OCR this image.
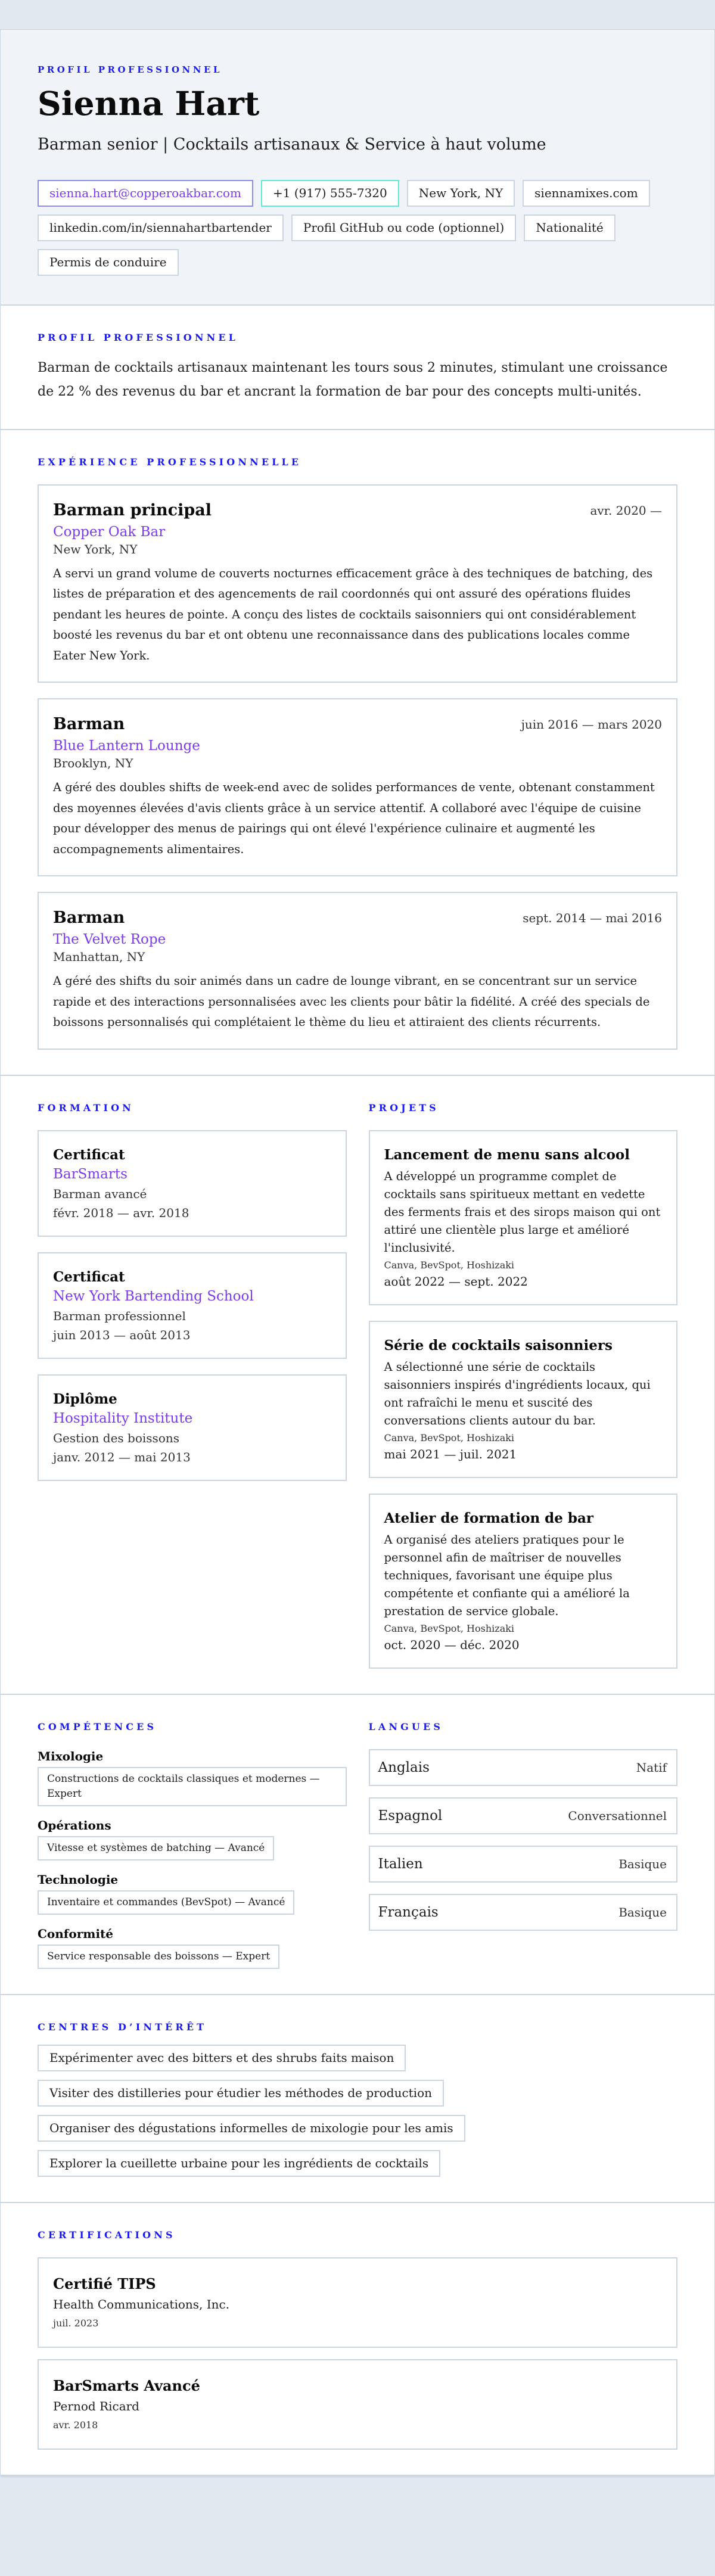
PROFIL PROFESSIONNEL
Sienna Hart
Barman senior | Cocktails artisanaux & Service à haut volume
sienna.hart@copperoakbar.com	+1 (917) 555-7320	New York, NY	siennamixes.com
linkedin.com/in/siennahartbartender	Profil GitHub ou code (optionnel)	Nationalité
Permis de conduire
PROFIL PROFESSIONNEL

Barman de cocktails artisanaux maintenant les tours sous 2 minutes, stimulant une croissance de 22 % des revenus du bar et ancrant la formation de bar pour des concepts multi-unités.

EXPÉRIENCE PROFESSIONNELLE
Barman principal	avr. 2020 —
Copper Oak Bar
New York, NY

A servi un grand volume de couverts nocturnes efficacement grâce à des techniques de batching, des listes de préparation et des agencements de rail coordonnés qui ont assuré des opérations fluides pendant les heures de pointe. A conçu des listes de cocktails saisonniers qui ont considérablement boosté les revenus du bar et ont obtenu une reconnaissance dans des publications locales comme Eater New York.

Barman	juin 2016 — mars 2020
Blue Lantern Lounge
Brooklyn, NY

A géré des doubles shifts de week-end avec de solides performances de vente, obtenant constamment des moyennes élevées d'avis clients grâce à un service attentif. A collaboré avec l'équipe de cuisine pour développer des menus de pairings qui ont élevé l'expérience culinaire et augmenté les accompagnements alimentaires.

Barman	sept. 2014 — mai 2016
The Velvet Rope
Manhattan, NY

A géré des shifts du soir animés dans un cadre de lounge vibrant, en se concentrant sur un service rapide et des interactions personnalisées avec les clients pour bâtir la fidélité. A créé des specials de boissons personnalisés qui complétaient le thème du lieu et attiraient des clients récurrents.

FORMATION
Certificat
BarSmarts
Barman avancé
févr. 2018 — avr. 2018
Certificat
New York Bartending School
Barman professionnel
juin 2013 — août 2013
Diplôme
Hospitality Institute
Gestion des boissons
janv. 2012 — mai 2013
PROJETS
Lancement de menu sans alcool

A développé un programme complet de cocktails sans spiritueux mettant en vedette des ferments frais et des sirops maison qui ont attiré une clientèle plus large et amélioré l'inclusivité.

Canva, BevSpot, Hoshizaki
août 2022 — sept. 2022
Série de cocktails saisonniers

A sélectionné une série de cocktails saisonniers inspirés d'ingrédients locaux, qui ont rafraîchi le menu et suscité des conversations clients autour du bar.

Canva, BevSpot, Hoshizaki
mai 2021 — juil. 2021
Atelier de formation de bar

A organisé des ateliers pratiques pour le personnel afin de maîtriser de nouvelles techniques, favorisant une équipe plus compétente et confiante qui a amélioré la prestation de service globale.

Canva, BevSpot, Hoshizaki
oct. 2020 — déc. 2020
COMPÉTENCES
Mixologie
Constructions de cocktails classiques et modernes — Expert
Opérations
Vitesse et systèmes de batching — Avancé
Technologie
Inventaire et commandes (BevSpot) — Avancé
Conformité
Service responsable des boissons — Expert
LANGUES
Anglais	Natif
Espagnol	Conversationnel
Italien	Basique
Français	Basique
CENTRES D’INTÉRÊT
Expérimenter avec des bitters et des shrubs faits maison
Visiter des distilleries pour étudier les méthodes de production
Organiser des dégustations informelles de mixologie pour les amis
Explorer la cueillette urbaine pour les ingrédients de cocktails
CERTIFICATIONS
Certifié TIPS
Health Communications, Inc.
juil. 2023
BarSmarts Avancé
Pernod Ricard
avr. 2018
